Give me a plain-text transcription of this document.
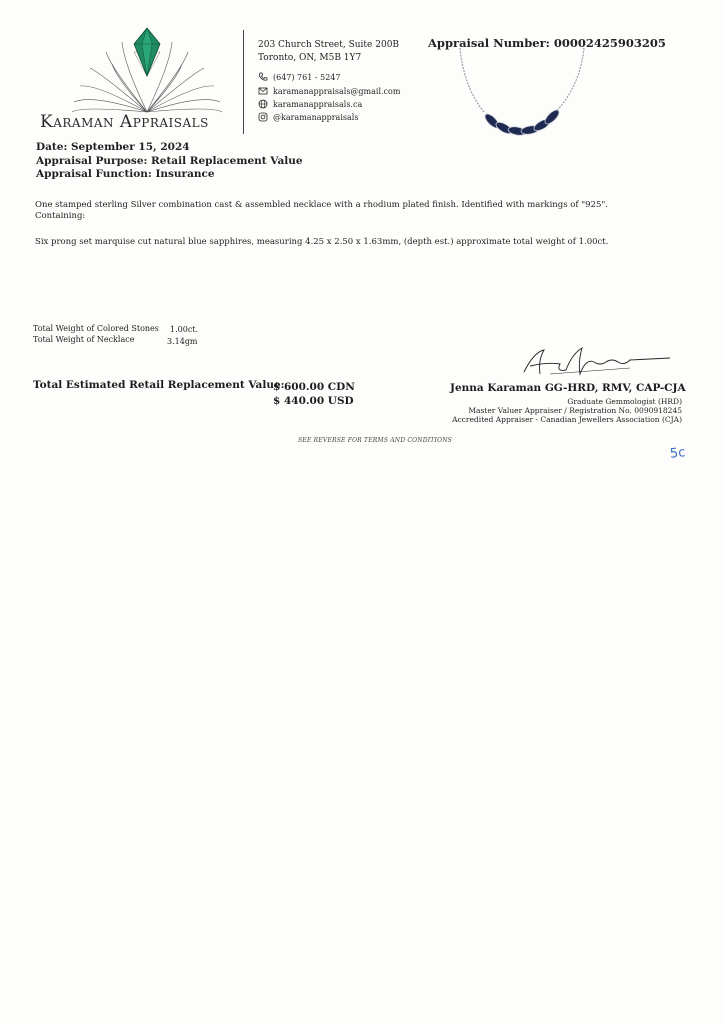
Karaman Appraisals
203 Church Street, Suite 200B
Toronto, ON, M5B 1Y7
(647) 761 - 5247
karamanappraisals@gmail.com
karamanappraisals.ca
@karamanappraisals
Appraisal Number: 00002425903205
Date: September 15, 2024
Appraisal Purpose: Retail Replacement Value
Appraisal Function: Insurance
One stamped sterling Silver combination cast & assembled necklace with a rhodium plated finish. Identified with markings of "925".
Containing:
Six prong set marquise cut natural blue sapphires, measuring 4.25 x 2.50 x 1.63mm, (depth est.) approximate total weight of 1.00ct.
Total Weight of Colored Stones 1.00ct.
Total Weight of Necklace	3.14gm
Total Estimated Retail Replacement Value:
$ 600.00 CDN
$ 440.00 USD
Jenna Karaman GG-HRD, RMV, CAP-CJA
Graduate Gemmologist (HRD)
Master Valuer Appraiser / Registration No. 0090918245
Accredited Appraiser - Canadian Jewellers Association (CJA)
SEE REVERSE FOR TERMS AND CONDITIONS
5c
